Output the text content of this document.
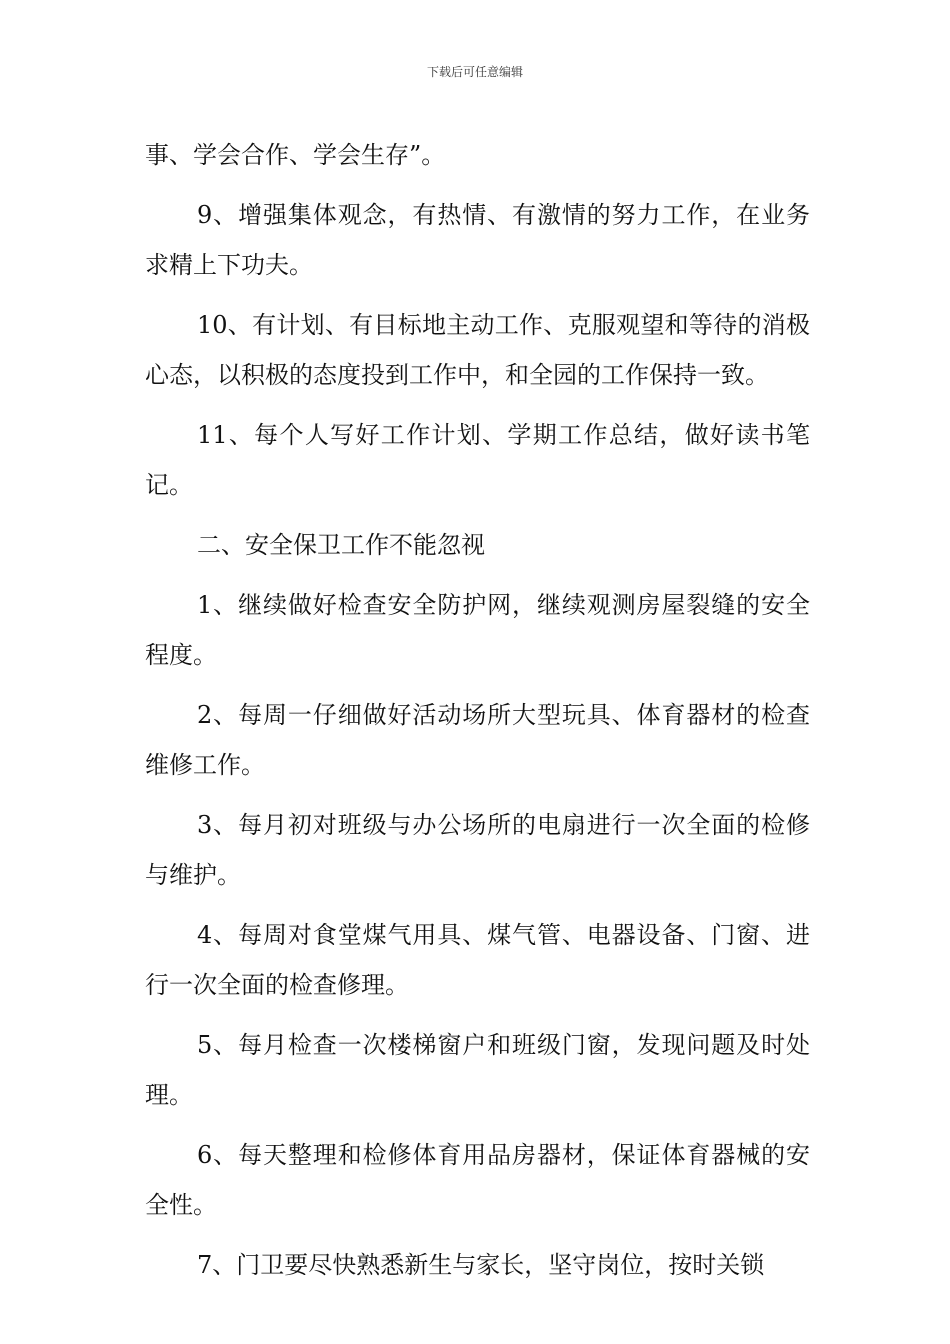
下载后可任意编辑

事、学会合作、学会生存”。

9、增强集体观念，有热情、有激情的努力工作，在业务求精上下功夫。

10、有计划、有目标地主动工作、克服观望和等待的消极心态，以积极的态度投到工作中，和全园的工作保持一致。

11、每个人写好工作计划、学期工作总结，做好读书笔记。

二、安全保卫工作不能忽视

1、继续做好检查安全防护网，继续观测房屋裂缝的安全程度。

2、每周一仔细做好活动场所大型玩具、体育器材的检查维修工作。

3、每月初对班级与办公场所的电扇进行一次全面的检修与维护。

4、每周对食堂煤气用具、煤气管、电器设备、门窗、进行一次全面的检查修理。

5、每月检查一次楼梯窗户和班级门窗，发现问题及时处理。

6、每天整理和检修体育用品房器材，保证体育器械的安全性。

7、门卫要尽快熟悉新生与家长，坚守岗位，按时关锁
